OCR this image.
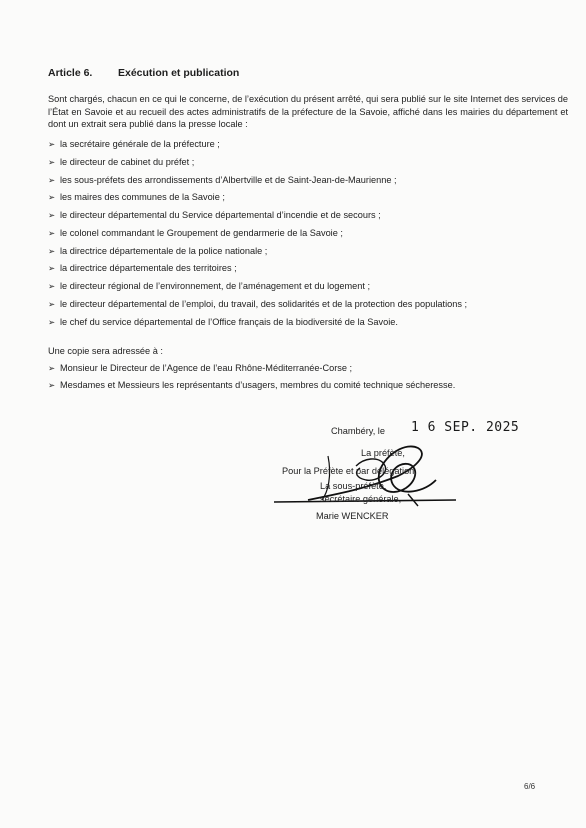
Article 6. Exécution et publication
Sont chargés, chacun en ce qui le concerne, de l’exécution du présent arrêté, qui sera publié sur le site Internet des services de l’État en Savoie et au recueil des actes administratifs de la préfecture de la Savoie, affiché dans les mairies du département et dont un extrait sera publié dans la presse locale :
➢ la secrétaire générale de la préfecture ;
➢ le directeur de cabinet du préfet ;
➢ les sous-préfets des arrondissements d’Albertville et de Saint-Jean-de-Maurienne ;
➢ les maires des communes de la Savoie ;
➢ le directeur départemental du Service départemental d’incendie et de secours ;
➢ le colonel commandant le Groupement de gendarmerie de la Savoie ;
➢ la directrice départementale de la police nationale ;
➢ la directrice départementale des territoires ;
➢ le directeur régional de l’environnement, de l’aménagement et du logement ;
➢ le directeur départemental de l’emploi, du travail, des solidarités et de la protection des populations ;
➢ le chef du service départemental de l’Office français de la biodiversité de la Savoie.
Une copie sera adressée à :
➢ Monsieur le Directeur de l’Agence de l’eau Rhône-Méditerranée-Corse ;
➢ Mesdames et Messieurs les représentants d’usagers, membres du comité technique sécheresse.
Chambéry, le 1 6 SEP. 2025
La préfète,
Pour la Préfète et par délégation,
La sous-préfète,
secrétaire générale,
Marie WENCKER
6/6
